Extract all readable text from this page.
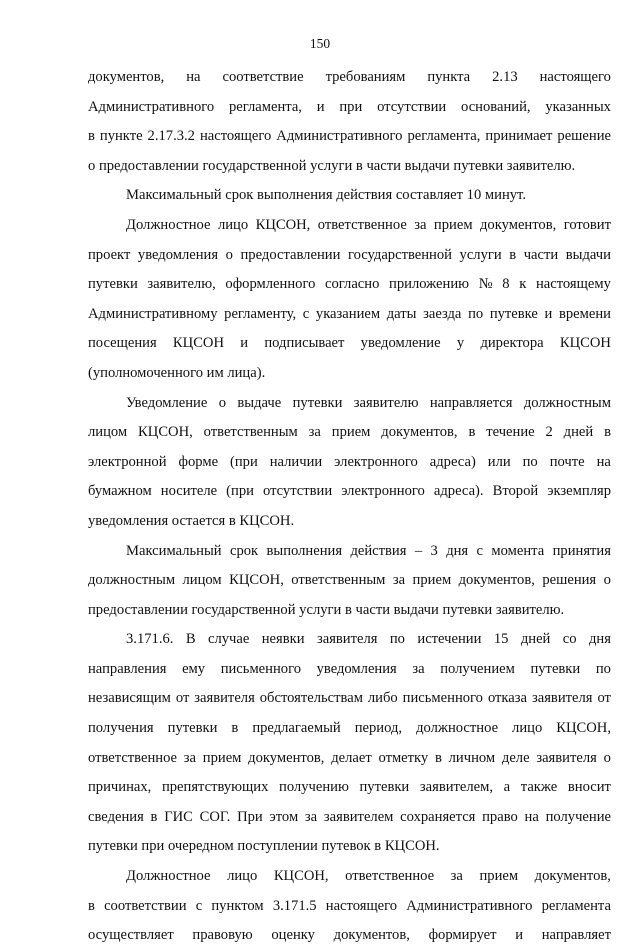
150
документов, на соответствие требованиям пункта 2.13 настоящего
Административного регламента, и при отсутствии оснований, указанных
в пункте 2.17.3.2 настоящего Административного регламента, принимает решение
о предоставлении государственной услуги в части выдачи путевки заявителю.
Максимальный срок выполнения действия составляет 10 минут.
Должностное лицо КЦСОН, ответственное за прием документов, готовит
проект уведомления о предоставлении государственной услуги в части выдачи
путевки заявителю, оформленного согласно приложению № 8 к настоящему
Административному регламенту, с указанием даты заезда по путевке и времени
посещения КЦСОН и подписывает уведомление у директора КЦСОН
(уполномоченного им лица).
Уведомление о выдаче путевки заявителю направляется должностным
лицом КЦСОН, ответственным за прием документов, в течение 2 дней в
электронной форме (при наличии электронного адреса) или по почте на
бумажном носителе (при отсутствии электронного адреса). Второй экземпляр
уведомления остается в КЦСОН.
Максимальный срок выполнения действия – 3 дня с момента принятия
должностным лицом КЦСОН, ответственным за прием документов, решения о
предоставлении государственной услуги в части выдачи путевки заявителю.
3.171.6. В случае неявки заявителя по истечении 15 дней со дня
направления ему письменного уведомления за получением путевки по
независящим от заявителя обстоятельствам либо письменного отказа заявителя от
получения путевки в предлагаемый период, должностное лицо КЦСОН,
ответственное за прием документов, делает отметку в личном деле заявителя о
причинах, препятствующих получению путевки заявителем, а также вносит
сведения в ГИС СОГ. При этом за заявителем сохраняется право на получение
путевки при очередном поступлении путевок в КЦСОН.
Должностное лицо КЦСОН, ответственное за прием документов,
в соответствии с пунктом 3.171.5 настоящего Административного регламента
осуществляет правовую оценку документов, формирует и направляет
